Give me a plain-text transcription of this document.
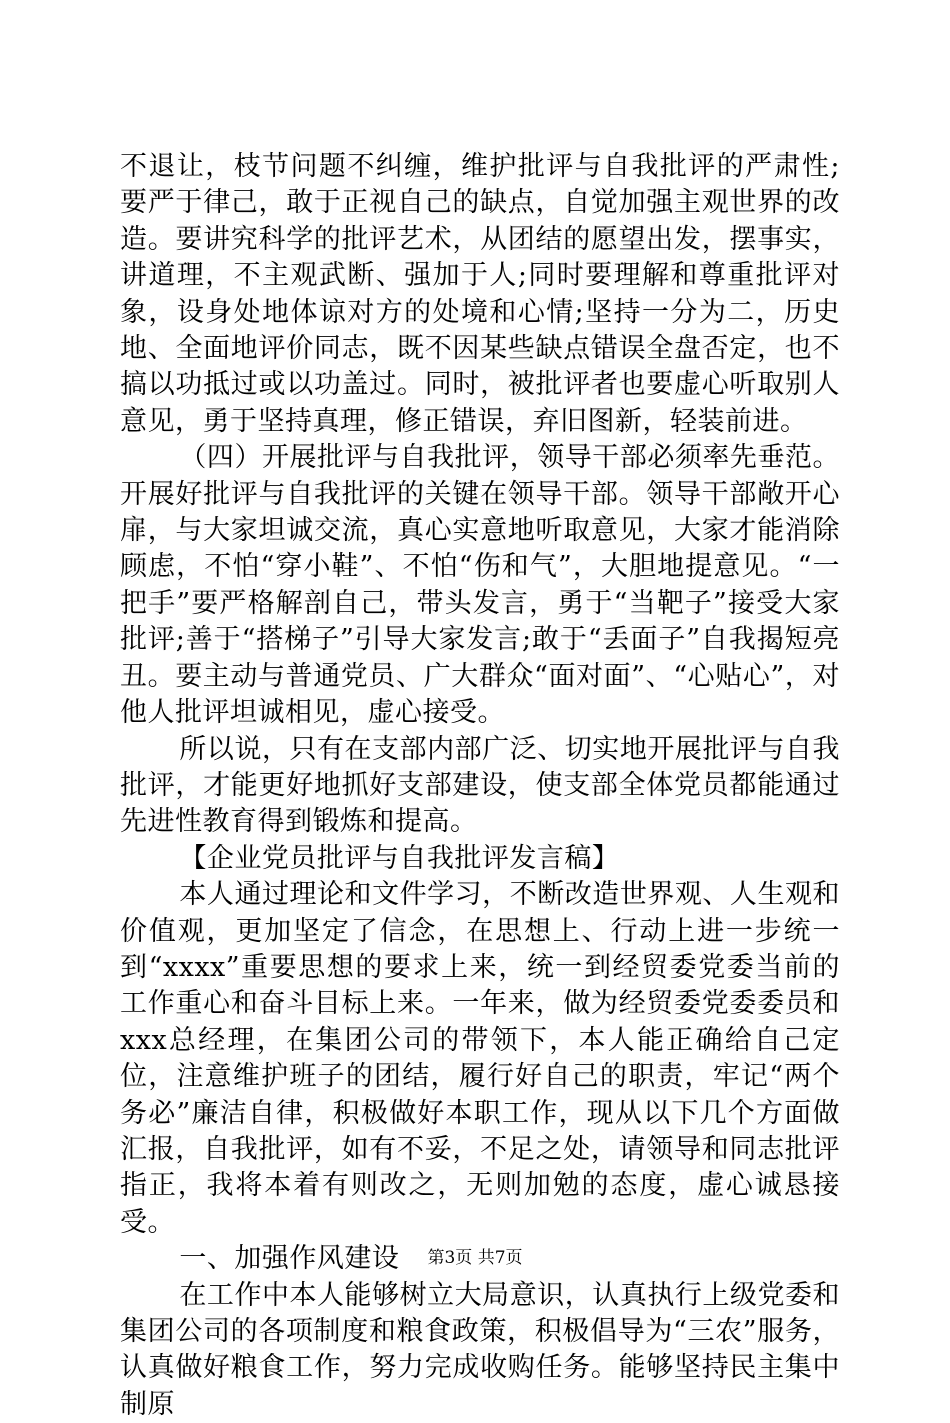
不退让，枝节问题不纠缠，维护批评与自我批评的严肃性;要严于律己，敢于正视自己的缺点，自觉加强主观世界的改造。要讲究科学的批评艺术，从团结的愿望出发，摆事实，讲道理，不主观武断、强加于人;同时要理解和尊重批评对象，设身处地体谅对方的处境和心情;坚持一分为二，历史地、全面地评价同志，既不因某些缺点错误全盘否定，也不搞以功抵过或以功盖过。同时，被批评者也要虚心听取别人意见，勇于坚持真理，修正错误，弃旧图新，轻装前进。

（四）开展批评与自我批评，领导干部必须率先垂范。开展好批评与自我批评的关键在领导干部。领导干部敞开心扉，与大家坦诚交流，真心实意地听取意见，大家才能消除顾虑，不怕“穿小鞋”、不怕“伤和气”，大胆地提意见。“一把手”要严格解剖自己，带头发言，勇于“当靶子”接受大家批评;善于“搭梯子”引导大家发言;敢于“丢面子”自我揭短亮丑。要主动与普通党员、广大群众“面对面”、“心贴心”，对他人批评坦诚相见，虚心接受。

所以说，只有在支部内部广泛、切实地开展批评与自我批评，才能更好地抓好支部建设，使支部全体党员都能通过先进性教育得到锻炼和提高。

【企业党员批评与自我批评发言稿】

本人通过理论和文件学习，不断改造世界观、人生观和价值观，更加坚定了信念，在思想上、行动上进一步统一到“xxxx”重要思想的要求上来，统一到经贸委党委当前的工作重心和奋斗目标上来。一年来，做为经贸委党委委员和xxx总经理，在集团公司的带领下，本人能正确给自己定位，注意维护班子的团结，履行好自己的职责，牢记“两个务必”廉洁自律，积极做好本职工作，现从以下几个方面做汇报，自我批评，如有不妥，不足之处，请领导和同志批评指正，我将本着有则改之，无则加勉的态度，虚心诚恳接受。

一、加强作风建设

在工作中本人能够树立大局意识，认真执行上级党委和集团公司的各项制度和粮食政策，积极倡导为“三农”服务，认真做好粮食工作，努力完成收购任务。能够坚持民主集中制原

第3页 共7页
